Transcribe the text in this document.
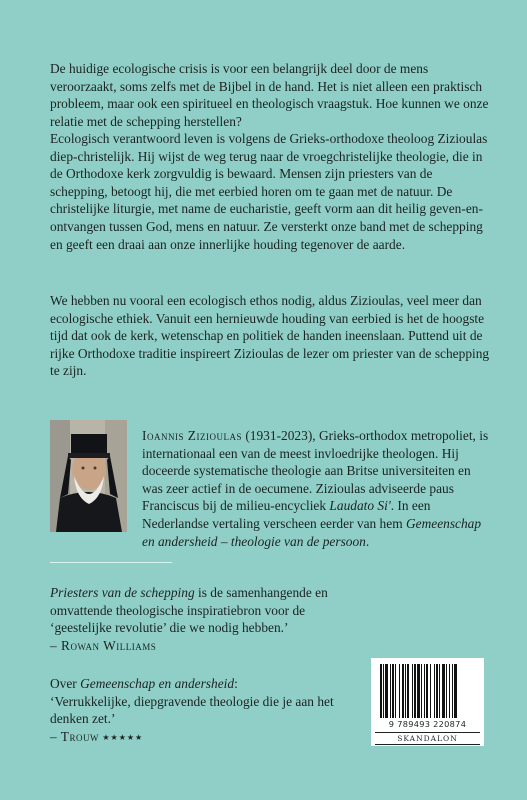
De huidige ecologische crisis is voor een belangrijk deel door de mens veroorzaakt, soms zelfs met de Bijbel in de hand. Het is niet alleen een praktisch probleem, maar ook een spiritueel en theologisch vraagstuk. Hoe kunnen we onze relatie met de schepping herstellen?

Ecologisch verantwoord leven is volgens de Grieks-orthodoxe theoloog Zizioulas diep-christelijk. Hij wijst de weg terug naar de vroegchristelijke theologie, die in de Orthodoxe kerk zorgvuldig is bewaard. Mensen zijn priesters van de schepping, betoogt hij, die met eerbied horen om te gaan met de natuur. De christelijke liturgie, met name de eucharistie, geeft vorm aan dit heilig geven-en-ontvangen tussen God, mens en natuur. Ze versterkt onze band met de schepping en geeft een draai aan onze innerlijke houding tegenover de aarde.

We hebben nu vooral een ecologisch ethos nodig, aldus Zizioulas, veel meer dan ecologische ethiek. Vanuit een hernieuwde houding van eerbied is het de hoogste tijd dat ook de kerk, wetenschap en politiek de handen ineenslaan. Puttend uit de rijke Orthodoxe traditie inspireert Zizioulas de lezer om priester van de schepping te zijn.

Ioannis Zizioulas (1931-2023), Grieks-orthodox metropoliet, is internationaal een van de meest invloedrijke theologen. Hij doceerde systematische theologie aan Britse universiteiten en was zeer actief in de oecumene. Zizioulas adviseerde paus Franciscus bij de milieu-encycliek Laudato Si'. In een Nederlandse vertaling verscheen eerder van hem Gemeenschap en andersheid – theologie van de persoon.

Priesters van de schepping is de samenhangende en omvattende theologische inspiratiebron voor de ‘geestelijke revolutie’ die we nodig hebben.’
– Rowan Williams

Over Gemeenschap en andersheid:
‘Verrukkelijke, diepgravende theologie die je aan het denken zet.’
– Trouw ★★★★★

9 789493 220874
SKANDALON
